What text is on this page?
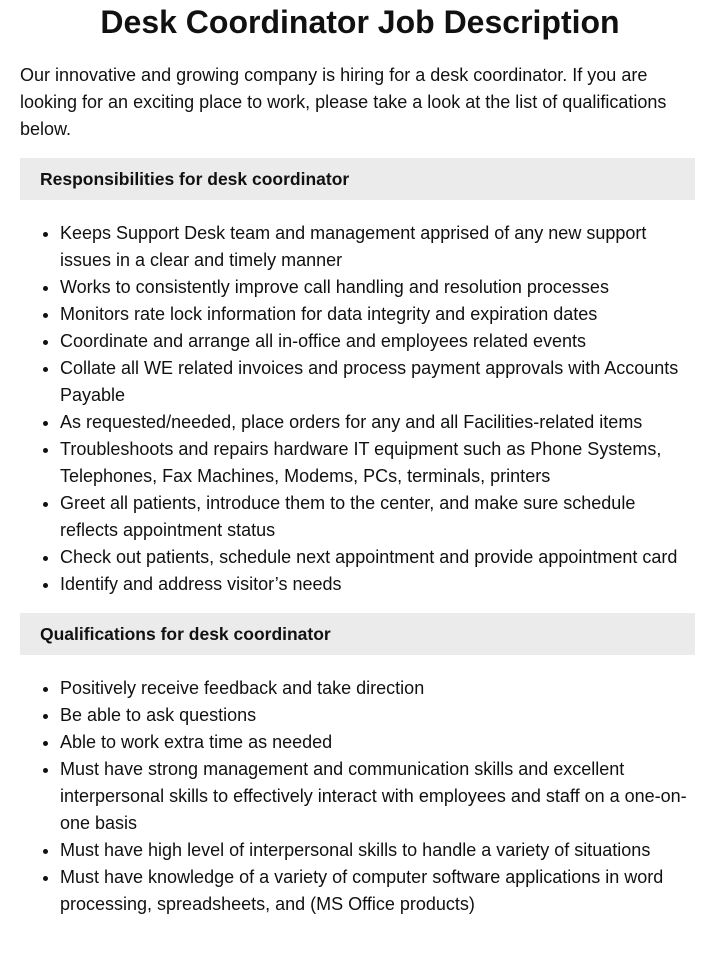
Desk Coordinator Job Description

Our innovative and growing company is hiring for a desk coordinator. If you are looking for an exciting place to work, please take a look at the list of qualifications below.

Responsibilities for desk coordinator
• Keeps Support Desk team and management apprised of any new support issues in a clear and timely manner
• Works to consistently improve call handling and resolution processes
• Monitors rate lock information for data integrity and expiration dates
• Coordinate and arrange all in-office and employees related events
• Collate all WE related invoices and process payment approvals with Accounts Payable
• As requested/needed, place orders for any and all Facilities-related items
• Troubleshoots and repairs hardware IT equipment such as Phone Systems, Telephones, Fax Machines, Modems, PCs, terminals, printers
• Greet all patients, introduce them to the center, and make sure schedule reflects appointment status
• Check out patients, schedule next appointment and provide appointment card
• Identify and address visitor’s needs
Qualifications for desk coordinator
• Positively receive feedback and take direction
• Be able to ask questions
• Able to work extra time as needed
• Must have strong management and communication skills and excellent interpersonal skills to effectively interact with employees and staff on a one-on-one basis
• Must have high level of interpersonal skills to handle a variety of situations
• Must have knowledge of a variety of computer software applications in word processing, spreadsheets, and (MS Office products)
